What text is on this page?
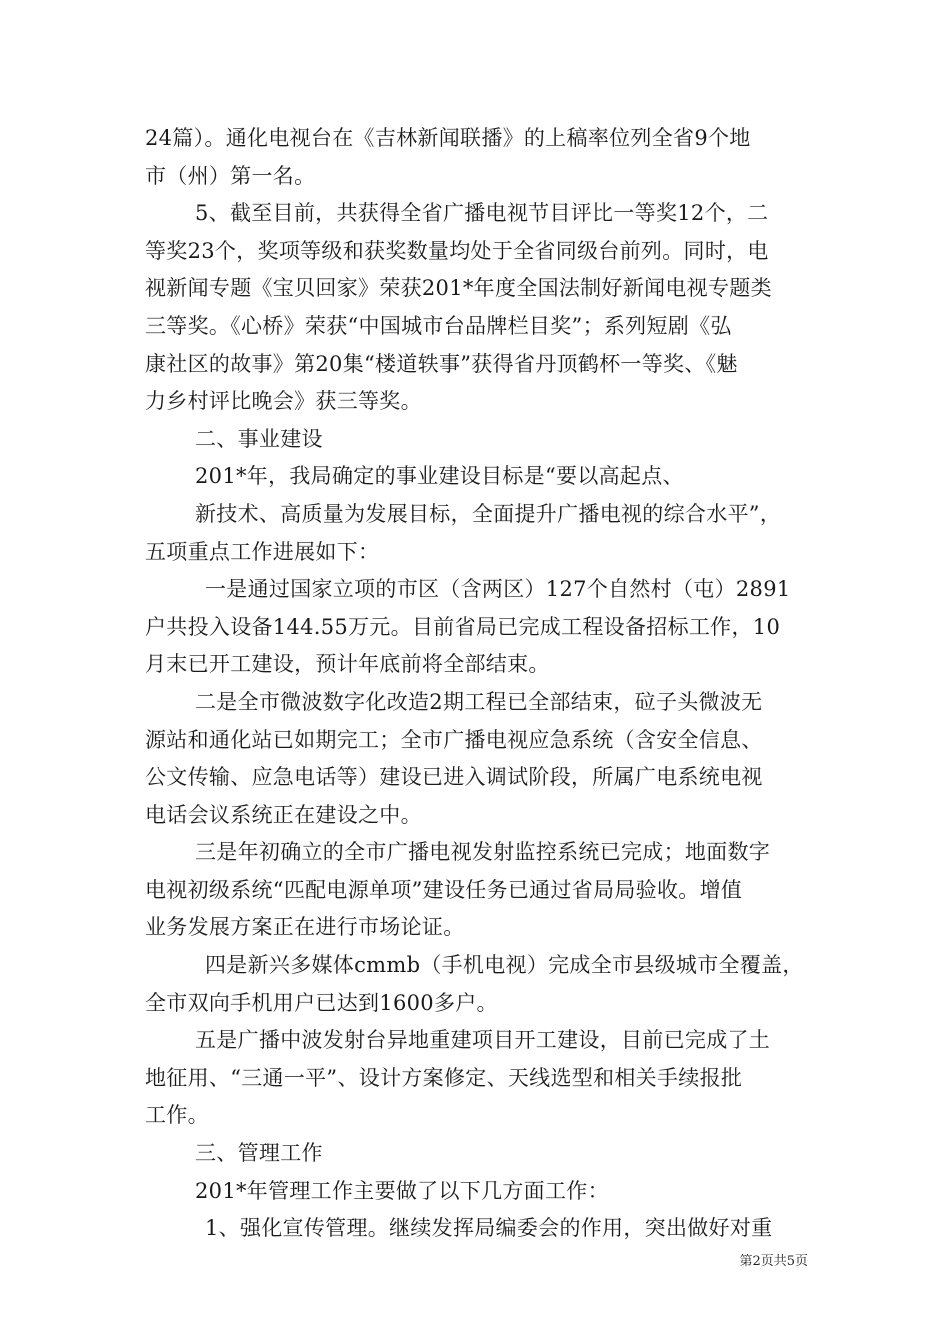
24篇）。通化电视台在《吉林新闻联播》的上稿率位列全省9个地
市（州）第一名。
5、截至目前，共获得全省广播电视节目评比一等奖12个，二
等奖23个，奖项等级和获奖数量均处于全省同级台前列。同时，电
视新闻专题《宝贝回家》荣获201*年度全国法制好新闻电视专题类
三等奖。《心桥》荣获“中国城市台品牌栏目奖”；系列短剧《弘
康社区的故事》第20集“楼道轶事”获得省丹顶鹤杯一等奖、《魅
力乡村评比晚会》获三等奖。
二、事业建设
201*年，我局确定的事业建设目标是“要以高起点、
新技术、高质量为发展目标，全面提升广播电视的综合水平”，
五项重点工作进展如下：
一是通过国家立项的市区（含两区）127个自然村（屯）2891
户共投入设备144.55万元。目前省局已完成工程设备招标工作，10
月末已开工建设，预计年底前将全部结束。
二是全市微波数字化改造2期工程已全部结束，砬子头微波无
源站和通化站已如期完工；全市广播电视应急系统（含安全信息、
公文传输、应急电话等）建设已进入调试阶段，所属广电系统电视
电话会议系统正在建设之中。
三是年初确立的全市广播电视发射监控系统已完成；地面数字
电视初级系统“匹配电源单项”建设任务已通过省局局验收。增值
业务发展方案正在进行市场论证。
四是新兴多媒体cmmb（手机电视）完成全市县级城市全覆盖，
全市双向手机用户已达到1600多户。
五是广播中波发射台异地重建项目开工建设，目前已完成了土
地征用、“三通一平”、设计方案修定、天线选型和相关手续报批
工作。
三、管理工作
201*年管理工作主要做了以下几方面工作：
1、强化宣传管理。继续发挥局编委会的作用，突出做好对重
第2页共5页
